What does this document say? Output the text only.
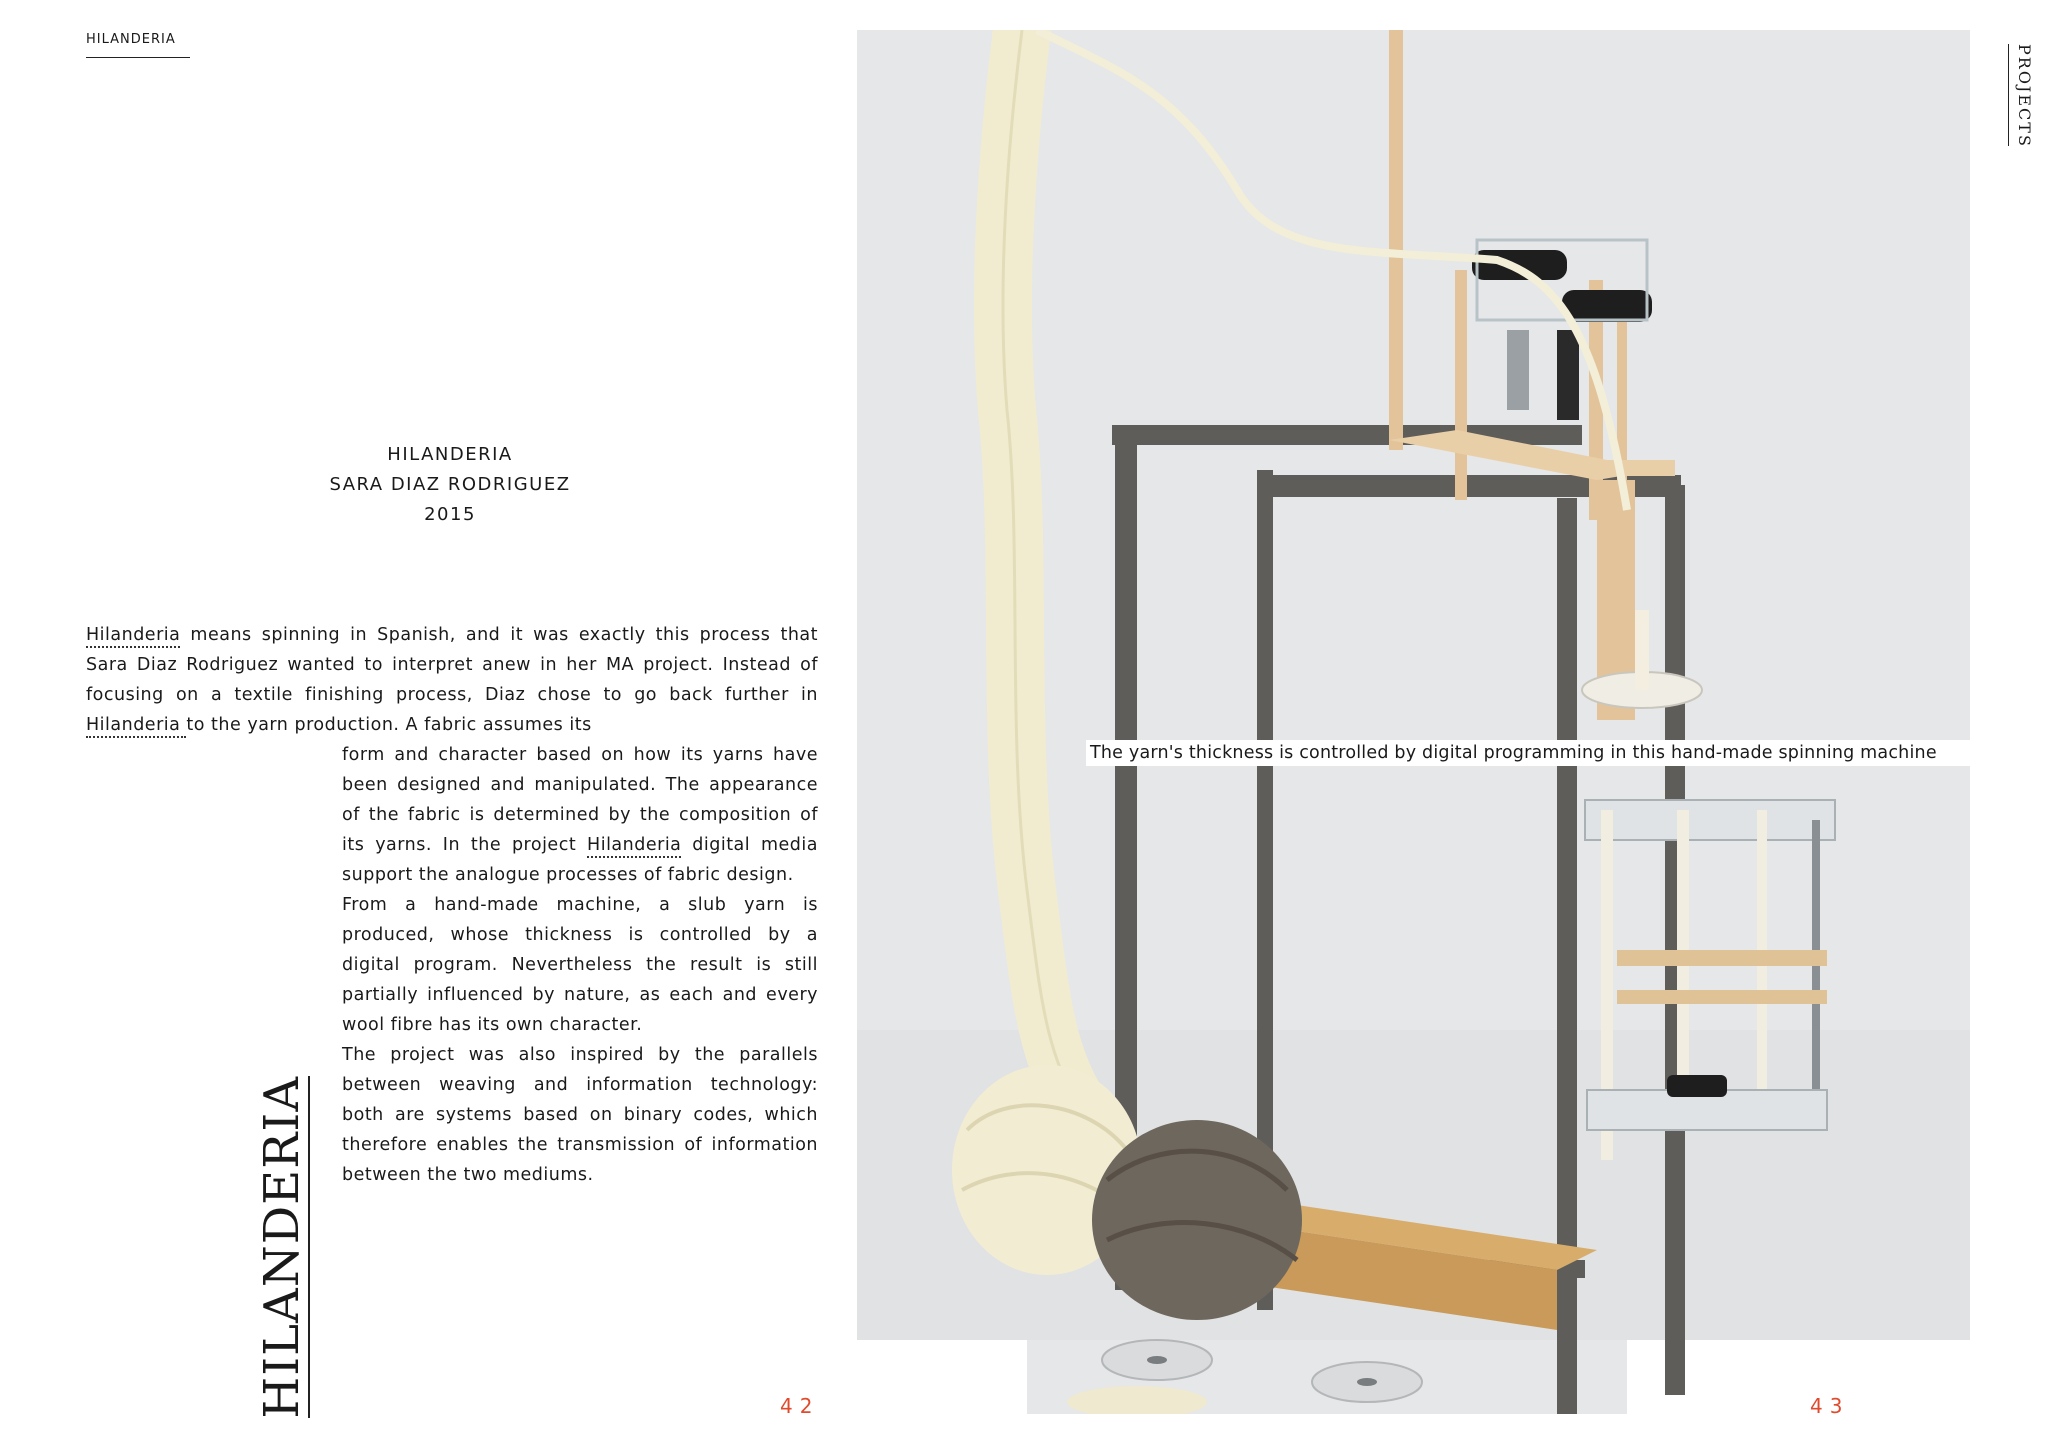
HILANDERIA
HILANDERIA
SARA DIAZ RODRIGUEZ
2015

Hilanderia means spinning in Spanish, and it was exactly this process that Sara Diaz Rodriguez wanted to interpret anew in her MA project. Instead of focusing on a textile finishing process, Diaz chose to go back further in Hilanderia to the yarn production. A fabric assumes its

form and character based on how its yarns have been designed and manipulated. The appearance of the fabric is determined by the composition of its yarns. In the project Hilanderia digital media support the analogue processes of fabric design.

From a hand-made machine, a slub yarn is produced, whose thickness is controlled by a digital program. Nevertheless the result is still partially influenced by nature, as each and every wool fibre has its own character.

The project was also inspired by the parallels between weaving and information technology: both are systems based on binary codes, which therefore enables the transmission of information between the two mediums.

HILANDERIA	42
The yarn's thickness is controlled by digital programming in this hand-made spinning machine
PROJECTS
43
